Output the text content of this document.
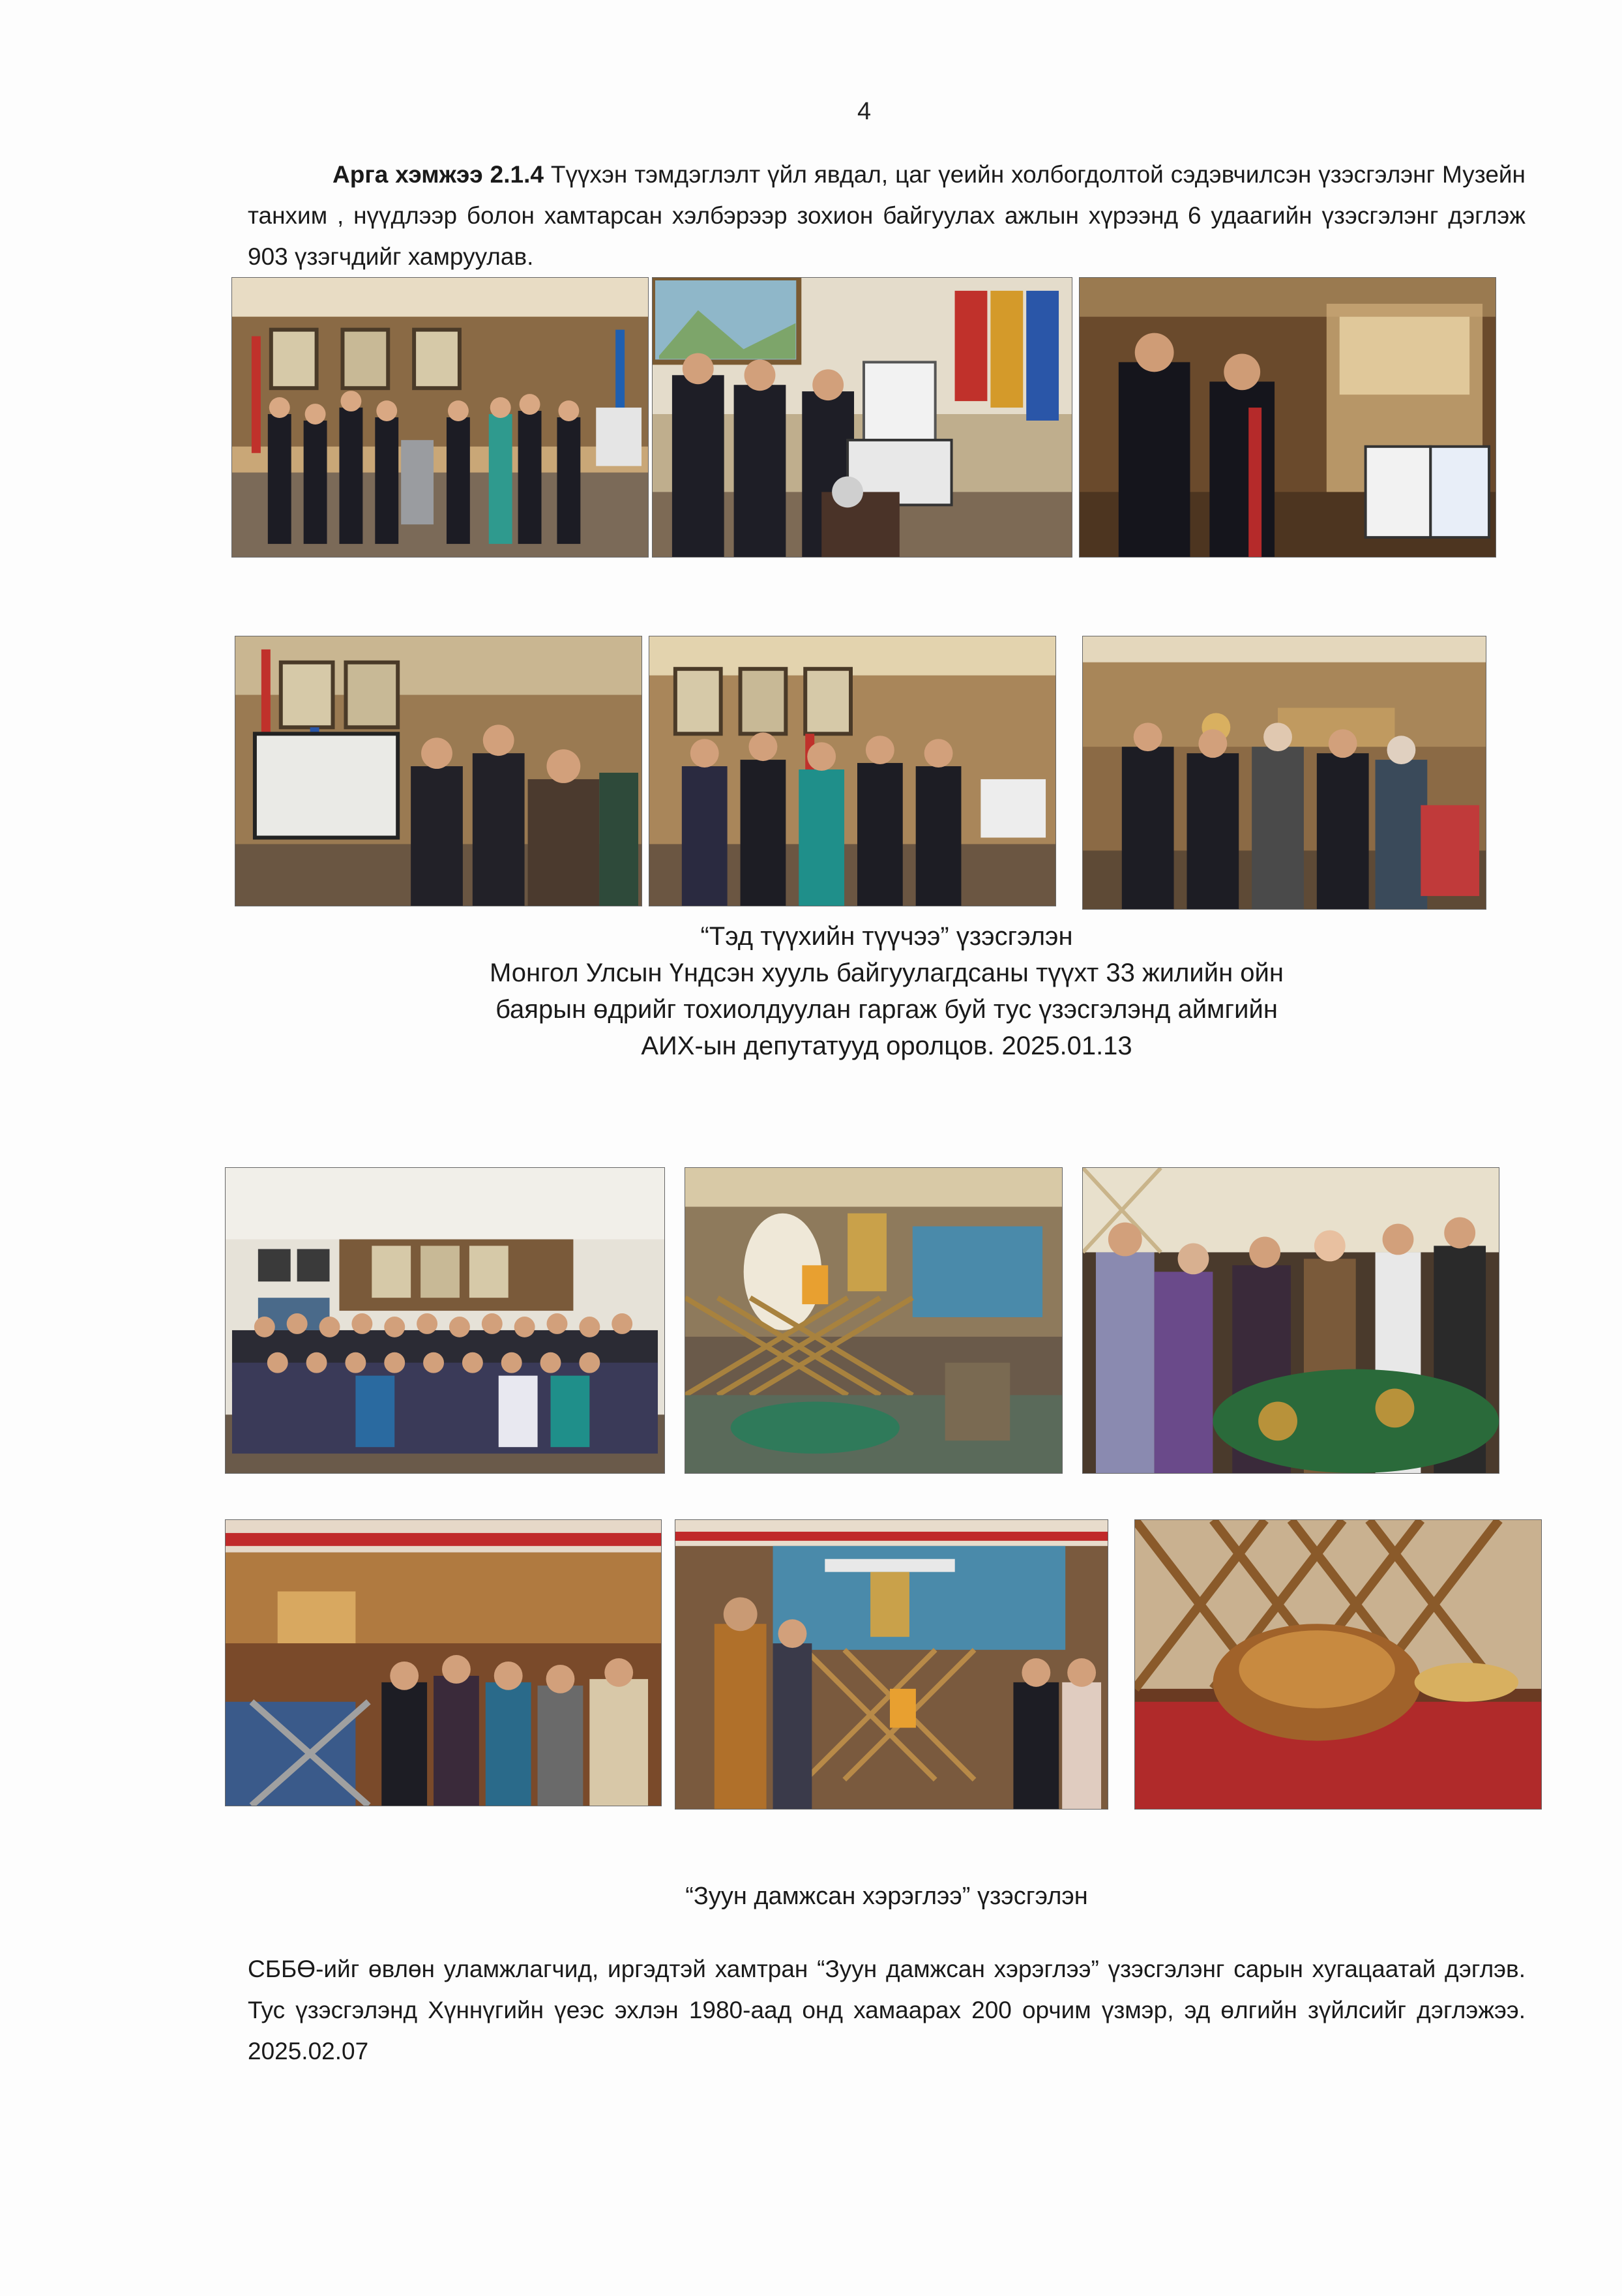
4
Арга хэмжээ 2.1.4 Түүхэн тэмдэглэлт үйл явдал, цаг үеийн холбогдолтой сэдэвчилсэн үзэсгэлэнг Музейн танхим , нүүдлээр болон хамтарсан хэлбэрээр зохион байгуулах ажлын хүрээнд 6 удаагийн үзэсгэлэнг дэглэж 903 үзэгчдийг хамруулав.
“Тэд түүхийн түүчээ” үзэсгэлэн
Монгол Улсын Үндсэн хууль байгуулагдсаны түүхт 33 жилийн ойн
баярын өдрийг тохиолдуулан гаргаж буй тус үзэсгэлэнд аймгийн
АИХ-ын депутатууд оролцов. 2025.01.13
“Зуун дамжсан хэрэглээ” үзэсгэлэн
СББӨ-ийг өвлөн уламжлагчид, иргэдтэй хамтран “Зуун дамжсан хэрэглээ” үзэсгэлэнг сарын хугацаатай дэглэв. Тус үзэсгэлэнд Хүннүгийн үеэс эхлэн 1980-аад онд хамаарах 200 орчим үзмэр, эд өлгийн зүйлсийг дэглэжээ. 2025.02.07
